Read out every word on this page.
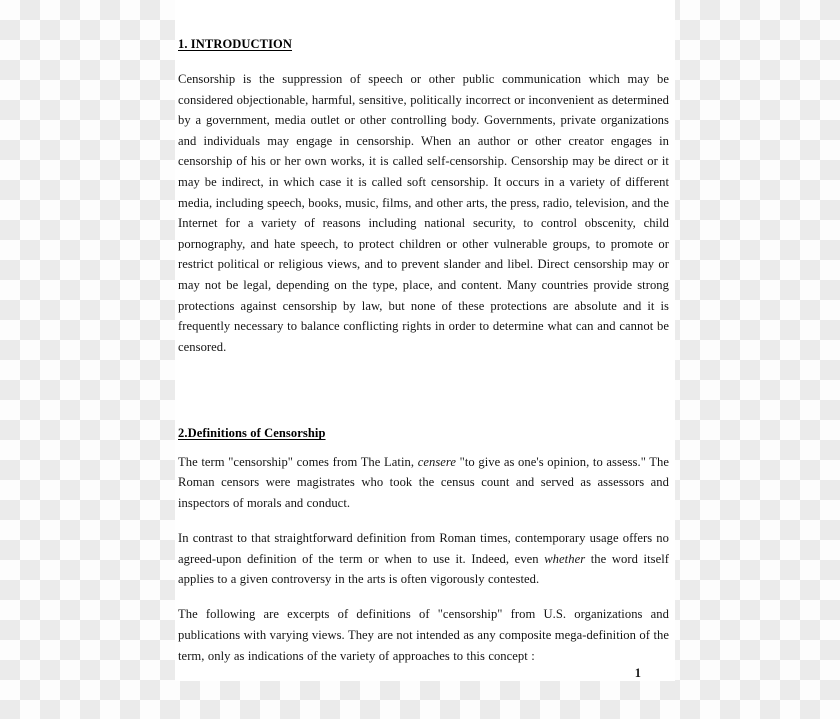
1. INTRODUCTION

Censorship is the suppression of speech or other public communication which may be considered objectionable, harmful, sensitive, politically incorrect or inconvenient as determined by a government, media outlet or other controlling body. Governments, private organizations and individuals may engage in censorship. When an author or other creator engages in censorship of his or her own works, it is called self-censorship. Censorship may be direct or it may be indirect, in which case it is called soft censorship. It occurs in a variety of different media, including speech, books, music, films, and other arts, the press, radio, television, and the Internet for a variety of reasons including national security, to control obscenity, child pornography, and hate speech, to protect children or other vulnerable groups, to promote or restrict political or religious views, and to prevent slander and libel. Direct censorship may or may not be legal, depending on the type, place, and content. Many countries provide strong protections against censorship by law, but none of these protections are absolute and it is frequently necessary to balance conflicting rights in order to determine what can and cannot be censored.

2.Definitions of Censorship

The term "censorship" comes from The Latin, censere "to give as one's opinion, to assess." The Roman censors were magistrates who took the census count and served as assessors and inspectors of morals and conduct.

In contrast to that straightforward definition from Roman times, contemporary usage offers no agreed-upon definition of the term or when to use it. Indeed, even whether the word itself applies to a given controversy in the arts is often vigorously contested.

The following are excerpts of definitions of "censorship" from U.S. organizations and publications with varying views. They are not intended as any composite mega-definition of the term, only as indications of the variety of approaches to this concept :

1
